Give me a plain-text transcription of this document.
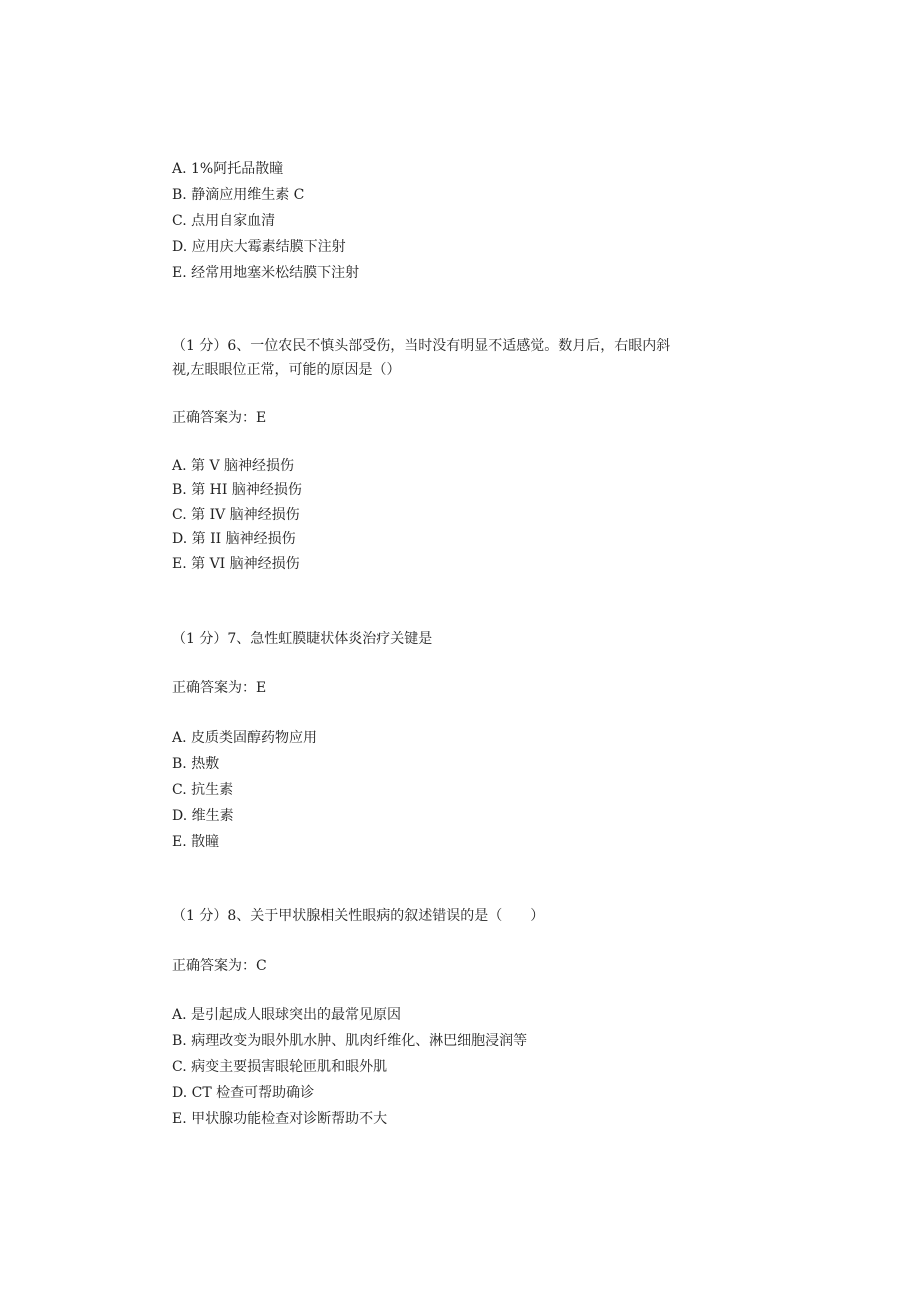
A. 1%阿托品散瞳
B. 静滴应用维生素 C
C. 点用自家血清
D. 应用庆大霉素结膜下注射
E. 经常用地塞米松结膜下注射
（1 分）6、一位农民不慎头部受伤，当时没有明显不适感觉。数月后，右眼内斜
视,左眼眼位正常，可能的原因是（）
正确答案为：E
A. 第 V 脑神经损伤
B. 第 HI 脑神经损伤
C. 第 IV 脑神经损伤
D. 第 II 脑神经损伤
E. 第 VI 脑神经损伤
（1 分）7、急性虹膜睫状体炎治疗关键是
正确答案为：E
A. 皮质类固醇药物应用
B. 热敷
C. 抗生素
D. 维生素
E. 散瞳
（1 分）8、关于甲状腺相关性眼病的叙述错误的是（　　）
正确答案为：C
A. 是引起成人眼球突出的最常见原因
B. 病理改变为眼外肌水肿、肌肉纤维化、淋巴细胞浸润等
C. 病变主要损害眼轮匝肌和眼外肌
D. CT 检查可帮助确诊
E. 甲状腺功能检查对诊断帮助不大
